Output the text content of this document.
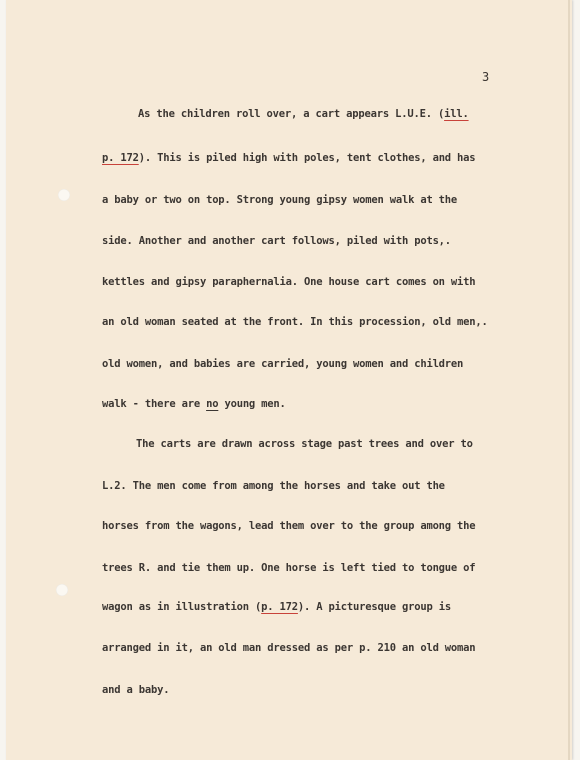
3
As the children roll over, a cart appears L.U.E. (ill.
p. 172). This is piled high with poles, tent clothes, and has
a baby or two on top. Strong young gipsy women walk at the
side. Another and another cart follows, piled with pots,.
kettles and gipsy paraphernalia. One house cart comes on with
an old woman seated at the front. In this procession, old men,.
old women, and babies are carried, young women and children
walk - there are no young men.
The carts are drawn across stage past trees and over to
L.2. The men come from among the horses and take out the
horses from the wagons, lead them over to the group among the
trees R. and tie them up. One horse is left tied to tongue of
wagon as in illustration (p. 172). A picturesque group is
arranged in it, an old man dressed as per p. 210 an old woman
and a baby.
